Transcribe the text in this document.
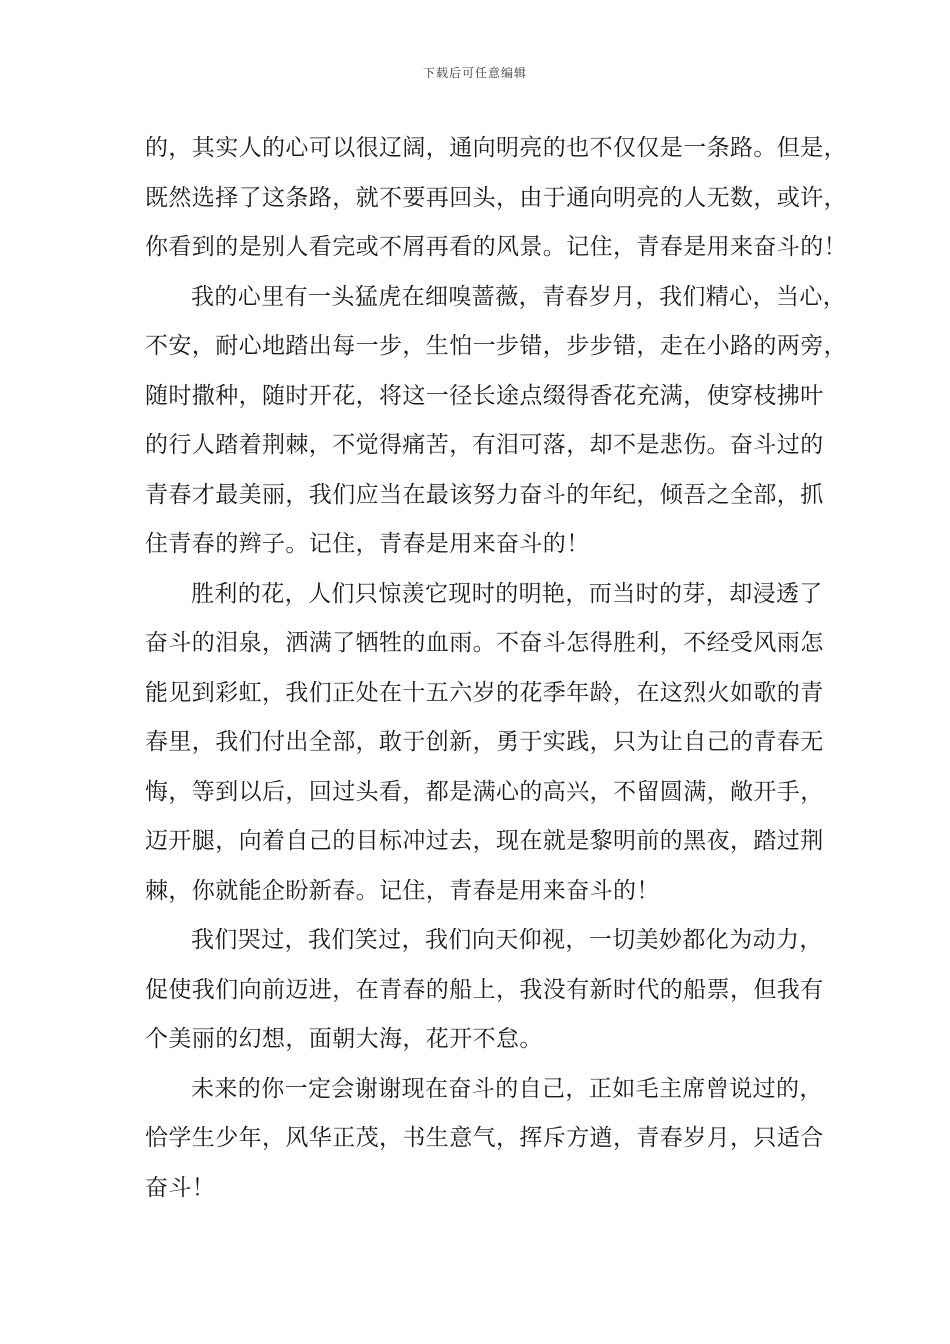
下载后可任意编辑
的，其实人的心可以很辽阔，通向明亮的也不仅仅是一条路。但是，
既然选择了这条路，就不要再回头，由于通向明亮的人无数，或许，
你看到的是别人看完或不屑再看的风景。记住，青春是用来奋斗的！
我的心里有一头猛虎在细嗅蔷薇，青春岁月，我们精心，当心，
不安，耐心地踏出每一步，生怕一步错，步步错，走在小路的两旁，
随时撒种，随时开花，将这一径长途点缀得香花充满，使穿枝拂叶
的行人踏着荆棘，不觉得痛苦，有泪可落，却不是悲伤。奋斗过的
青春才最美丽，我们应当在最该努力奋斗的年纪，倾吾之全部，抓
住青春的辫子。记住，青春是用来奋斗的！
胜利的花，人们只惊羡它现时的明艳，而当时的芽，却浸透了
奋斗的泪泉，洒满了牺牲的血雨。不奋斗怎得胜利，不经受风雨怎
能见到彩虹，我们正处在十五六岁的花季年龄，在这烈火如歌的青
春里，我们付出全部，敢于创新，勇于实践，只为让自己的青春无
悔，等到以后，回过头看，都是满心的高兴，不留圆满，敞开手，
迈开腿，向着自己的目标冲过去，现在就是黎明前的黑夜，踏过荆
棘，你就能企盼新春。记住，青春是用来奋斗的！
我们哭过，我们笑过，我们向天仰视，一切美妙都化为动力，
促使我们向前迈进，在青春的船上，我没有新时代的船票，但我有
个美丽的幻想，面朝大海，花开不怠。
未来的你一定会谢谢现在奋斗的自己，正如毛主席曾说过的，
恰学生少年，风华正茂，书生意气，挥斥方遒，青春岁月，只适合
奋斗！
